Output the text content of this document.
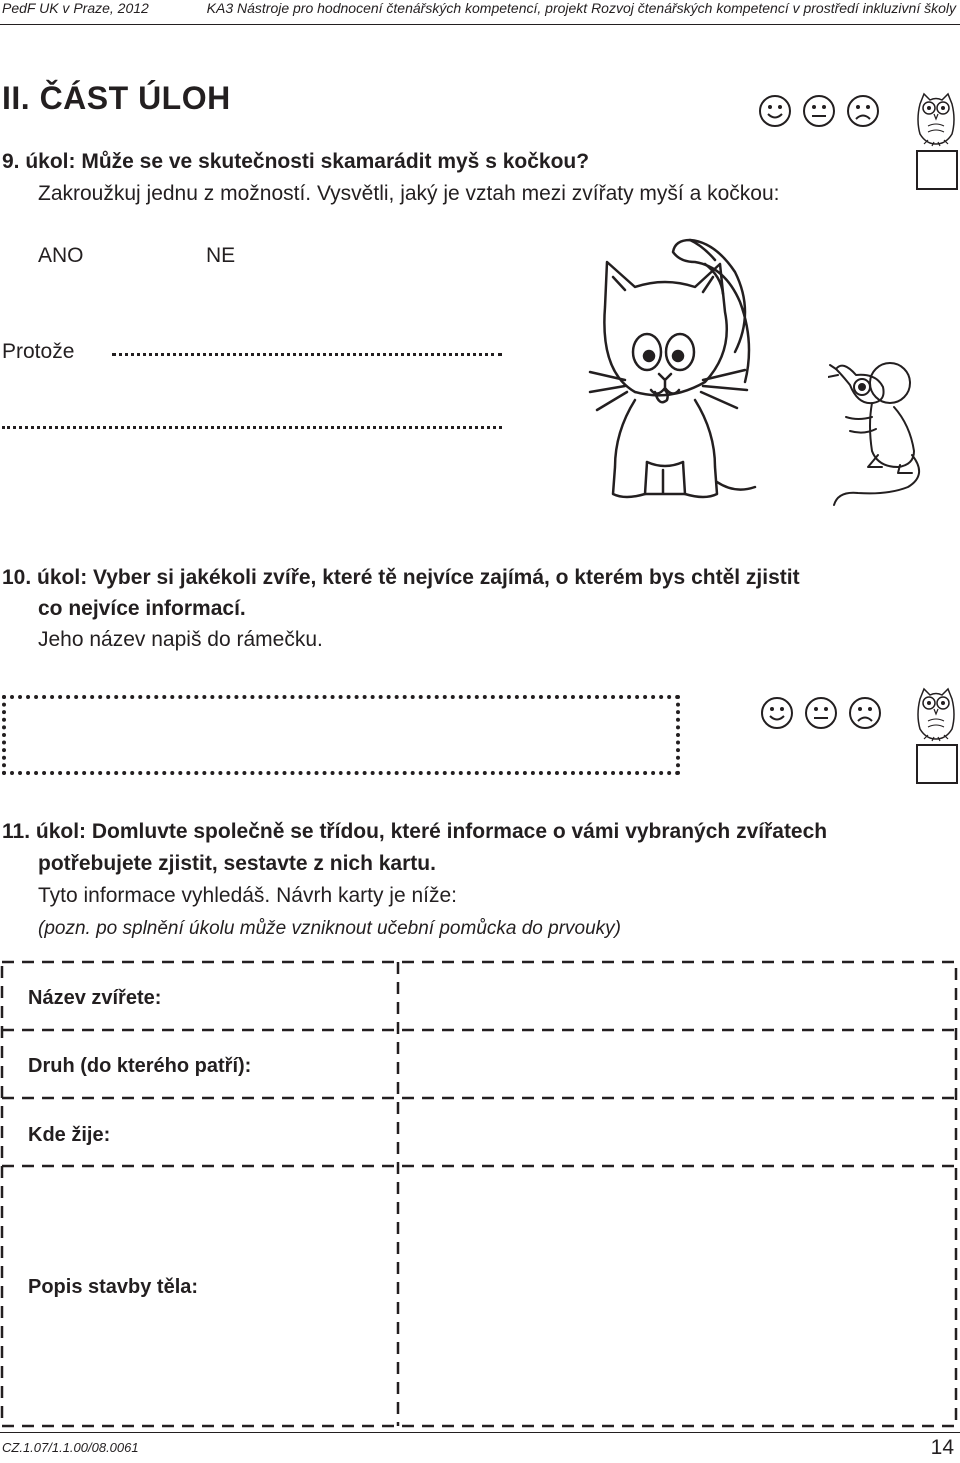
PedF UK v Praze, 2012	KA3 Nástroje pro hodnocení čtenářských kompetencí, projekt Rozvoj čtenářských kompetencí v prostředí inkluzivní školy
II. ČÁST ÚLOH
9. úkol: Může se ve skutečnosti skamarádit myš s kočkou?
Zakroužkuj jednu z možností. Vysvětli, jaký je vztah mezi zvířaty myší a kočkou:
ANO	NE
Protože
10. úkol: Vyber si jakékoli zvíře, které tě nejvíce zajímá, o kterém bys chtěl zjistit
co nejvíce informací.
Jeho název napiš do rámečku.
11. úkol: Domluvte společně se třídou, které informace o vámi vybraných zvířatech
potřebujete zjistit, sestavte z nich kartu.
Tyto informace vyhledáš. Návrh karty je níže:
(pozn. po splnění úkolu může vzniknout učební pomůcka do prvouky)
Název zvířete:
Druh (do kterého patří):
Kde žije:
Popis stavby těla:
CZ.1.07/1.1.00/08.0061	14
